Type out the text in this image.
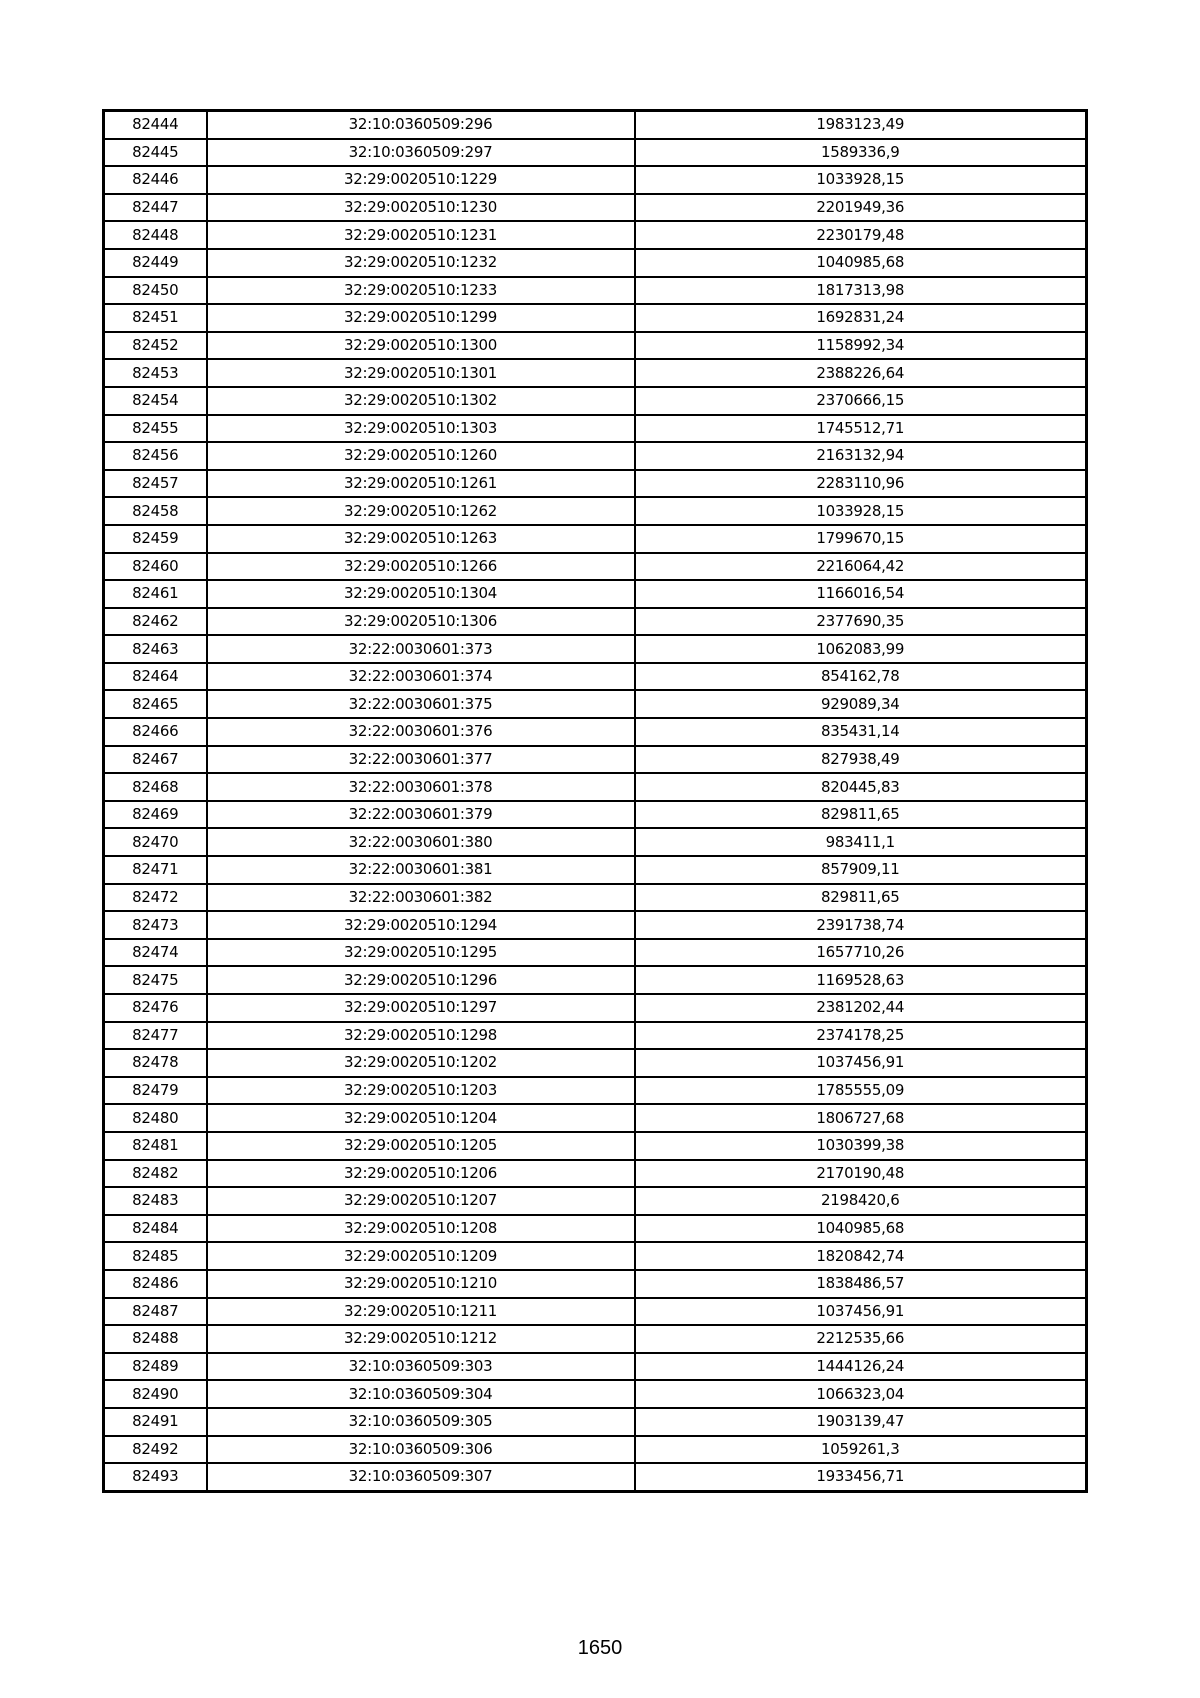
82444	32:10:0360509:296	1983123,49
82445	32:10:0360509:297	1589336,9
82446	32:29:0020510:1229	1033928,15
82447	32:29:0020510:1230	2201949,36
82448	32:29:0020510:1231	2230179,48
82449	32:29:0020510:1232	1040985,68
82450	32:29:0020510:1233	1817313,98
82451	32:29:0020510:1299	1692831,24
82452	32:29:0020510:1300	1158992,34
82453	32:29:0020510:1301	2388226,64
82454	32:29:0020510:1302	2370666,15
82455	32:29:0020510:1303	1745512,71
82456	32:29:0020510:1260	2163132,94
82457	32:29:0020510:1261	2283110,96
82458	32:29:0020510:1262	1033928,15
82459	32:29:0020510:1263	1799670,15
82460	32:29:0020510:1266	2216064,42
82461	32:29:0020510:1304	1166016,54
82462	32:29:0020510:1306	2377690,35
82463	32:22:0030601:373	1062083,99
82464	32:22:0030601:374	854162,78
82465	32:22:0030601:375	929089,34
82466	32:22:0030601:376	835431,14
82467	32:22:0030601:377	827938,49
82468	32:22:0030601:378	820445,83
82469	32:22:0030601:379	829811,65
82470	32:22:0030601:380	983411,1
82471	32:22:0030601:381	857909,11
82472	32:22:0030601:382	829811,65
82473	32:29:0020510:1294	2391738,74
82474	32:29:0020510:1295	1657710,26
82475	32:29:0020510:1296	1169528,63
82476	32:29:0020510:1297	2381202,44
82477	32:29:0020510:1298	2374178,25
82478	32:29:0020510:1202	1037456,91
82479	32:29:0020510:1203	1785555,09
82480	32:29:0020510:1204	1806727,68
82481	32:29:0020510:1205	1030399,38
82482	32:29:0020510:1206	2170190,48
82483	32:29:0020510:1207	2198420,6
82484	32:29:0020510:1208	1040985,68
82485	32:29:0020510:1209	1820842,74
82486	32:29:0020510:1210	1838486,57
82487	32:29:0020510:1211	1037456,91
82488	32:29:0020510:1212	2212535,66
82489	32:10:0360509:303	1444126,24
82490	32:10:0360509:304	1066323,04
82491	32:10:0360509:305	1903139,47
82492	32:10:0360509:306	1059261,3
82493	32:10:0360509:307	1933456,71
1650
